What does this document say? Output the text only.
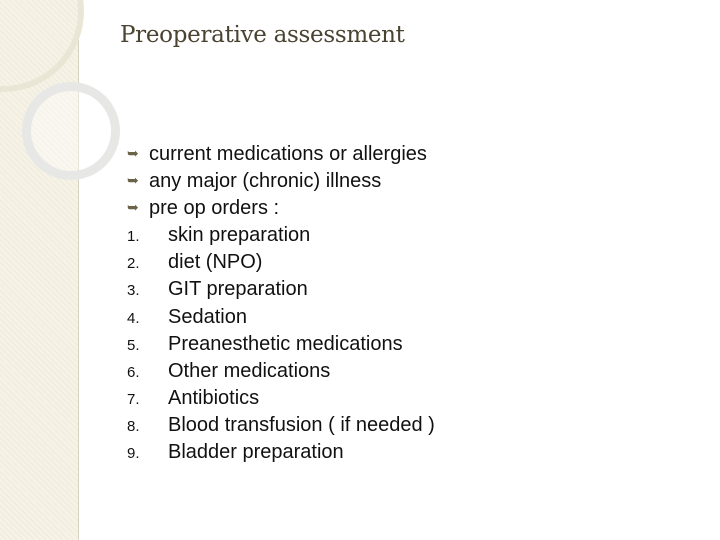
Preoperative assessment
➥ current medications or allergies
➥ any major (chronic) illness
➥ pre op orders :
1. skin preparation
2. diet (NPO)
3. GIT preparation
4. Sedation
5. Preanesthetic medications
6. Other medications
7. Antibiotics
8. Blood transfusion ( if needed )
9. Bladder preparation
